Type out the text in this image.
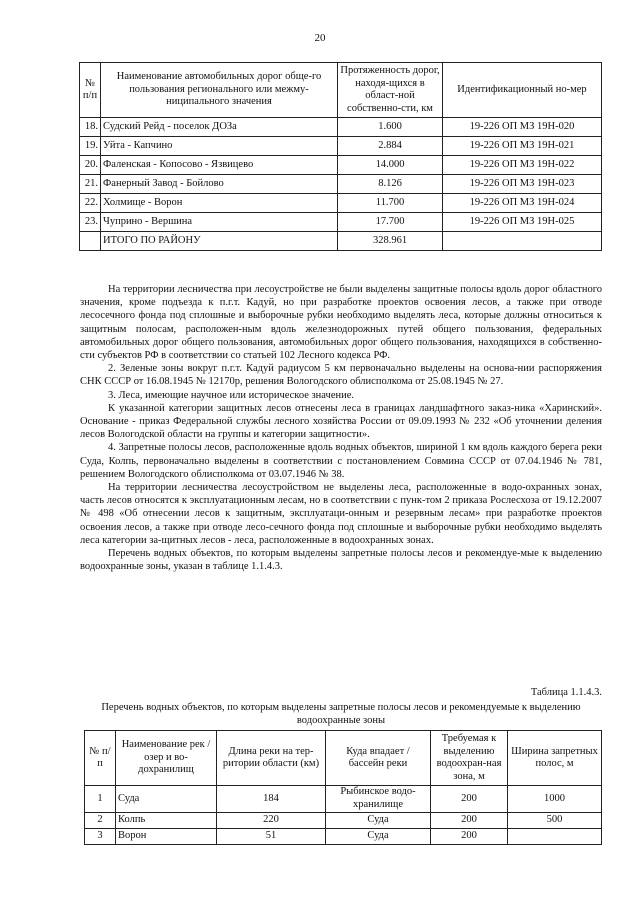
20
№ п/п	Наименование автомобильных дорог обще-го пользования регионального или межму-ниципального значения	Протяженность дорог, находя-щихся в област-ной собственно-сти, км	Идентификационный но-мер
18.	Судский Рейд - поселок ДОЗа	1.600	19-226 ОП МЗ 19Н-020
19.	Уйта - Капчино	2.884	19-226 ОП МЗ 19Н-021
20.	Фаленская - Копосово - Язвицево	14.000	19-226 ОП МЗ 19Н-022
21.	Фанерный Завод - Бойлово	8.126	19-226 ОП МЗ 19Н-023
22.	Холмище - Ворон	11.700	19-226 ОП МЗ 19Н-024
23.	Чуприно - Вершина	17.700	19-226 ОП МЗ 19Н-025
	ИТОГО ПО РАЙОНУ	328.961	

На территории лесничества при лесоустройстве не были выделены защитные полосы вдоль дорог областного значения, кроме подъезда к п.г.т. Кадуй, но при разработке проектов освоения лесов, а также при отводе лесосечного фонда под сплошные и выборочные рубки необходимо выделять леса, которые должны относиться к защитным полосам, расположен-ным вдоль железнодорожных путей общего пользования, федеральных автомобильных дорог общего пользования, автомобильных дорог общего пользования, находящихся в собственно-сти субъектов РФ в соответствии со статьей 102 Лесного кодекса РФ.

2. Зеленые зоны вокруг п.г.т. Кадуй радиусом 5 км первоначально выделены на основа-нии распоряжения СНК СССР от 16.08.1945 № 12170р, решения Вологодского облисполкома от 25.08.1945 № 27.

3. Леса, имеющие научное или историческое значение.

К указанной категории защитных лесов отнесены леса в границах ландшафтного заказ-ника «Харинский». Основание - приказ Федеральной службы лесного хозяйства России от 09.09.1993 № 232 «Об уточнении деления лесов Вологодской области на группы и категории защитности».

4. Запретные полосы лесов, расположенные вдоль водных объектов, шириной 1 км вдоль каждого берега реки Суда, Колпь, первоначально выделены в соответствии с постановлением Совмина СССР от 07.04.1946 № 781, решением Вологодского облисполкома от 03.07.1946 № 38.

На территории лесничества лесоустройством не выделены леса, расположенные в водо-охранных зонах, часть лесов относятся к эксплуатационным лесам, но в соответствии с пунк-том 2 приказа Рослесхоза от 19.12.2007 № 498 «Об отнесении лесов к защитным, эксплуатаци-онным и резервным лесам» при разработке проектов освоения лесов, а также при отводе лесо-сечного фонда под сплошные и выборочные рубки необходимо выделять леса категории за-щитных лесов - леса, расположенные в водоохранных зонах.

Перечень водных объектов, по которым выделены запретные полосы лесов и рекомендуе-мые к выделению водоохранные зоны, указан в таблице 1.1.4.3.

Таблица 1.1.4.3.
Перечень водных объектов, по которым выделены запретные полосы лесов и рекомендуемые к выделению водоохранные зоны
№ п/п	Наименование рек / озер и во-дохранилищ	Длина реки на тер-ритории области (км)	Куда впадает / бассейн реки	Требуемая к выделению водоохран-ная зона, м	Ширина запретных полос, м
1	Суда	184	Рыбинское водо-хранилище	200	1000
2	Колпь	220	Суда	200	500
3	Ворон	51	Суда	200	
